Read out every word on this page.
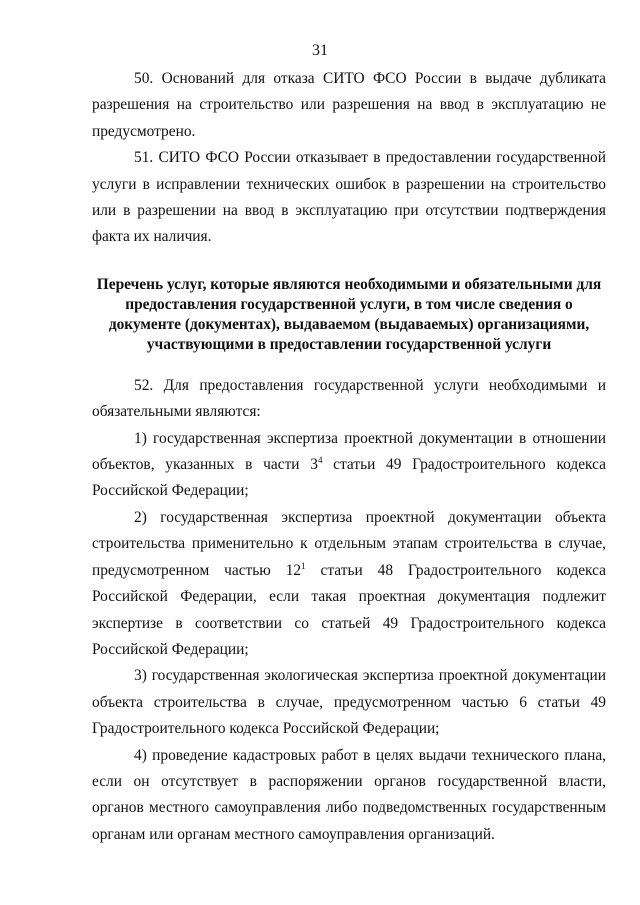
31

50. Оснований для отказа СИТО ФСО России в выдаче дубликата разрешения на строительство или разрешения на ввод в эксплуатацию не предусмотрено.

51. СИТО ФСО России отказывает в предоставлении государственной услуги в исправлении технических ошибок в разрешении на строительство или в разрешении на ввод в эксплуатацию при отсутствии подтверждения факта их наличия.

Перечень услуг, которые являются необходимыми и обязательными для предоставления государственной услуги, в том числе сведения о документе (документах), выдаваемом (выдаваемых) организациями, участвующими в предоставлении государственной услуги

52. Для предоставления государственной услуги необходимыми и обязательными являются:

1) государственная экспертиза проектной документации в отношении объектов, указанных в части $3^4$ статьи 49 Градостроительного кодекса Российской Федерации;

2) государственная экспертиза проектной документации объекта строительства применительно к отдельным этапам строительства в случае, предусмотренном частью $12^1$ статьи 48 Градостроительного кодекса Российской Федерации, если такая проектная документация подлежит экспертизе в соответствии со статьей 49 Градостроительного кодекса Российской Федерации;

3) государственная экологическая экспертиза проектной документации объекта строительства в случае, предусмотренном частью 6 статьи 49 Градостроительного кодекса Российской Федерации;

4) проведение кадастровых работ в целях выдачи технического плана, если он отсутствует в распоряжении органов государственной власти, органов местного самоуправления либо подведомственных государственным органам или органам местного самоуправления организаций.
